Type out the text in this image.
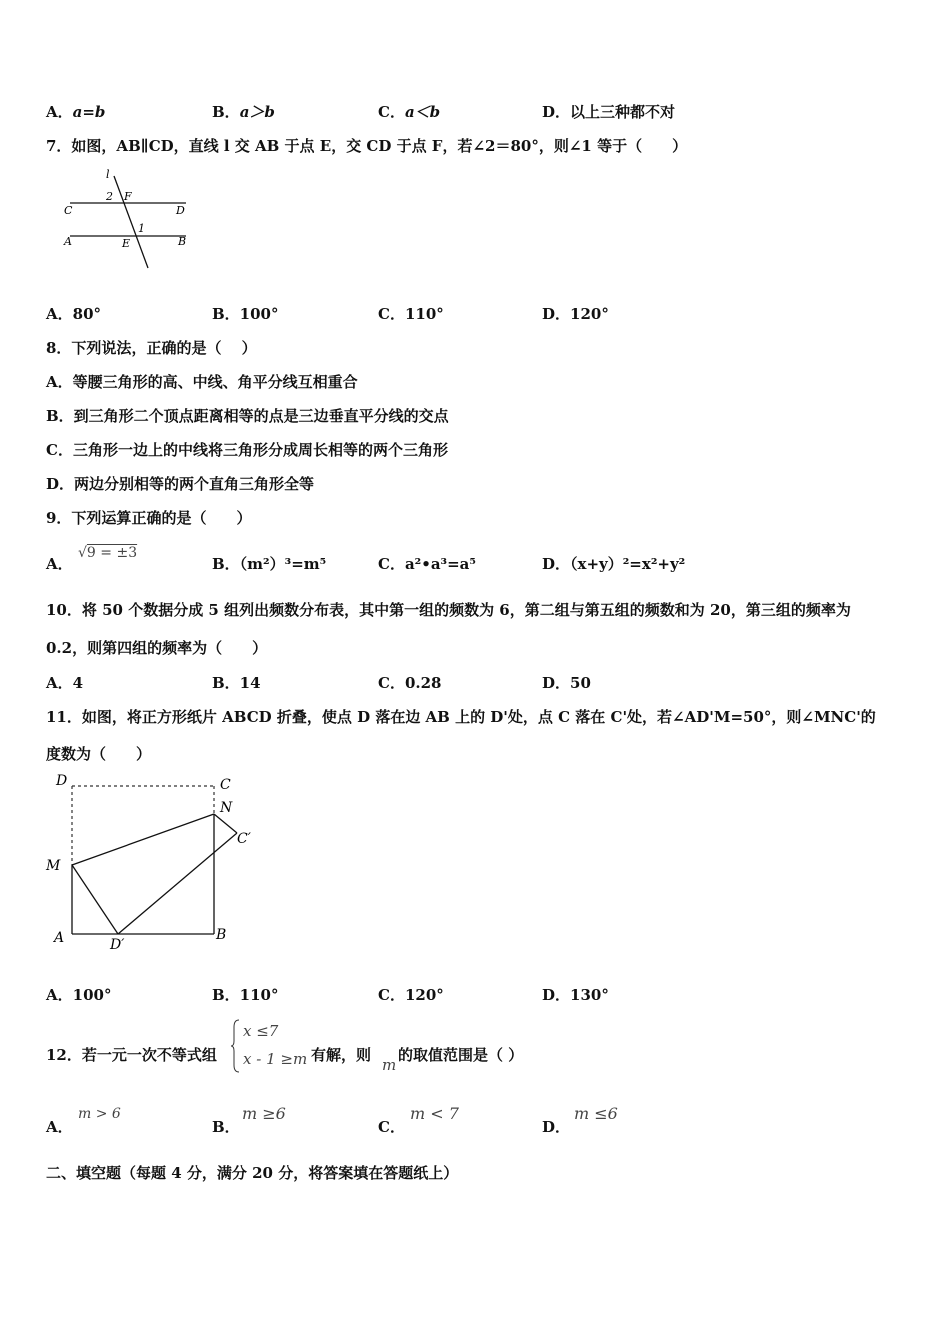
A．a=b	B．a＞b	C．a＜b	D．以上三种都不对
7．如图，AB∥CD，直线 l 交 AB 于点 E，交 CD 于点 F，若∠2＝80°，则∠1 等于（　　）
l
2 F
C	D
1
A	E	B
A．80°	B．100°	C．110°	D．120°
8．下列说法，正确的是（　 ）
A．等腰三角形的高、中线、角平分线互相重合
B．到三角形二个顶点距离相等的点是三边垂直平分线的交点
C．三角形一边上的中线将三角形分成周长相等的两个三角形
D．两边分别相等的两个直角三角形全等
9．下列运算正确的是（　　）
A．
√9 = ±3
B．（m²）³=m⁵	C．a²•a³=a⁵	D．（x+y）²=x²+y²
10．将 50 个数据分成 5 组列出频数分布表，其中第一组的频数为 6，第二组与第五组的频数和为 20，第三组的频率为
0.2，则第四组的频率为（　　）
A．4	B．14	C．0.28	D．50
11．如图，将正方形纸片 ABCD 折叠，使点 D 落在边 AB 上的 D'处，点 C 落在 C'处，若∠AD'M=50°，则∠MNC'的
度数为（　　）
D	C
N
C′
M
A	D′
B
A．100°	B．110°	C．120°	D．130°
12．若一元一次不等式组
x ≤7
x - 1 ≥m 有解，则
m
的取值范围是（ ）
A．
m > 6
B．
m ≥6
C．
m < 7
D．
m ≤6
二、填空题（每题 4 分，满分 20 分，将答案填在答题纸上）
